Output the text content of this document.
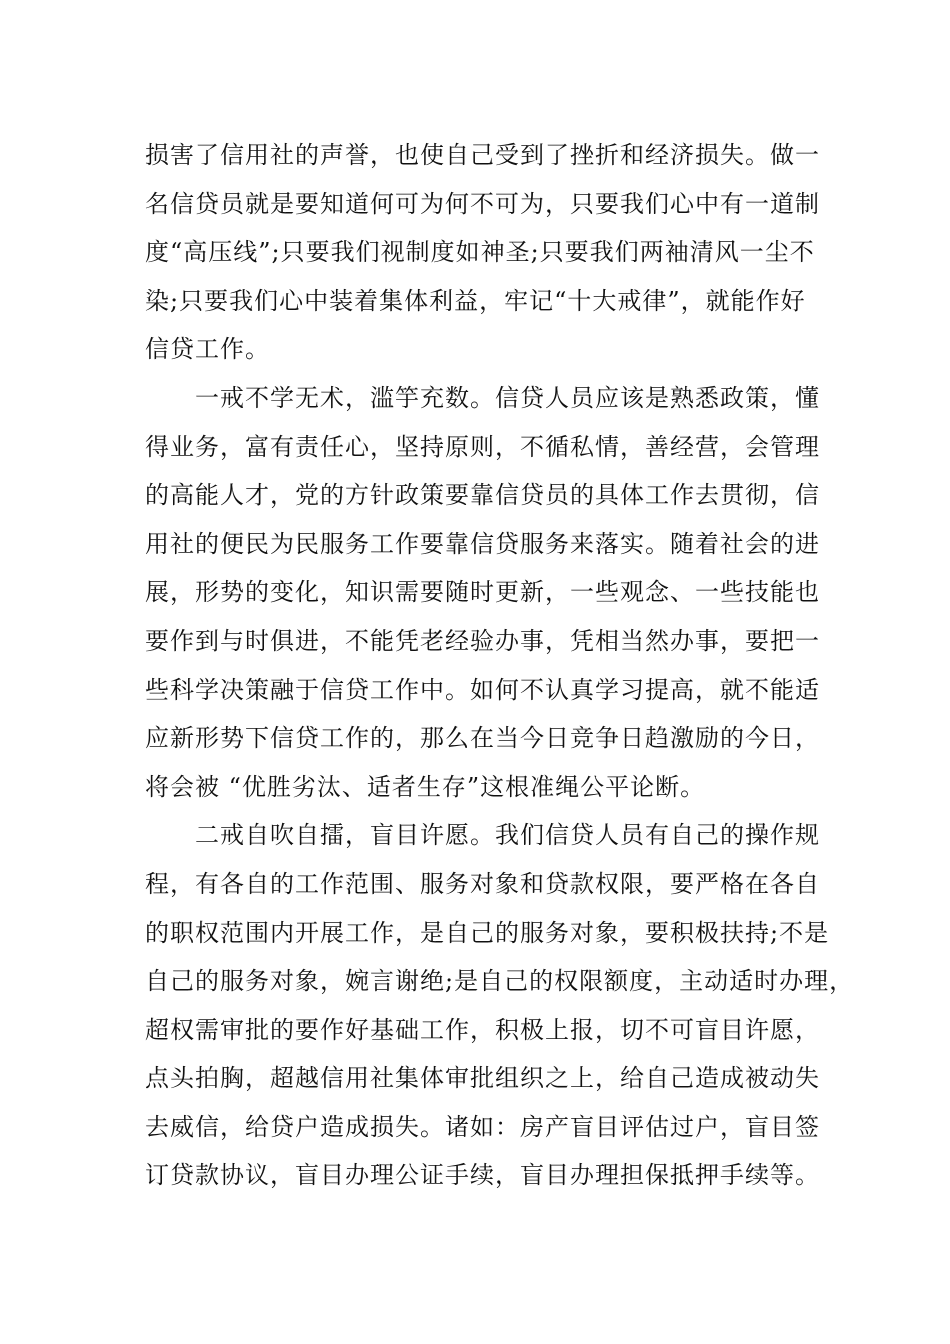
损害了信用社的声誉，也使自己受到了挫折和经济损失。做一
名信贷员就是要知道何可为何不可为，只要我们心中有一道制
度“高压线”;只要我们视制度如神圣;只要我们两袖清风一尘不
染;只要我们心中装着集体利益，牢记“十大戒律”，就能作好
信贷工作。
　　一戒不学无术，滥竽充数。信贷人员应该是熟悉政策，懂
得业务，富有责任心，坚持原则，不循私情，善经营，会管理
的高能人才，党的方针政策要靠信贷员的具体工作去贯彻，信
用社的便民为民服务工作要靠信贷服务来落实。随着社会的进
展，形势的变化，知识需要随时更新，一些观念、一些技能也
要作到与时俱进，不能凭老经验办事，凭相当然办事，要把一
些科学决策融于信贷工作中。如何不认真学习提高，就不能适
应新形势下信贷工作的，那么在当今日竞争日趋激励的今日，
将会被 “优胜劣汰、适者生存”这根准绳公平论断。
　　二戒自吹自擂，盲目许愿。我们信贷人员有自己的操作规
程，有各自的工作范围、服务对象和贷款权限，要严格在各自
的职权范围内开展工作，是自己的服务对象，要积极扶持;不是
自己的服务对象，婉言谢绝;是自己的权限额度，主动适时办理，
超权需审批的要作好基础工作，积极上报，切不可盲目许愿，
点头拍胸，超越信用社集体审批组织之上，给自己造成被动失
去威信，给贷户造成损失。诸如：房产盲目评估过户，盲目签
订贷款协议，盲目办理公证手续，盲目办理担保抵押手续等。
